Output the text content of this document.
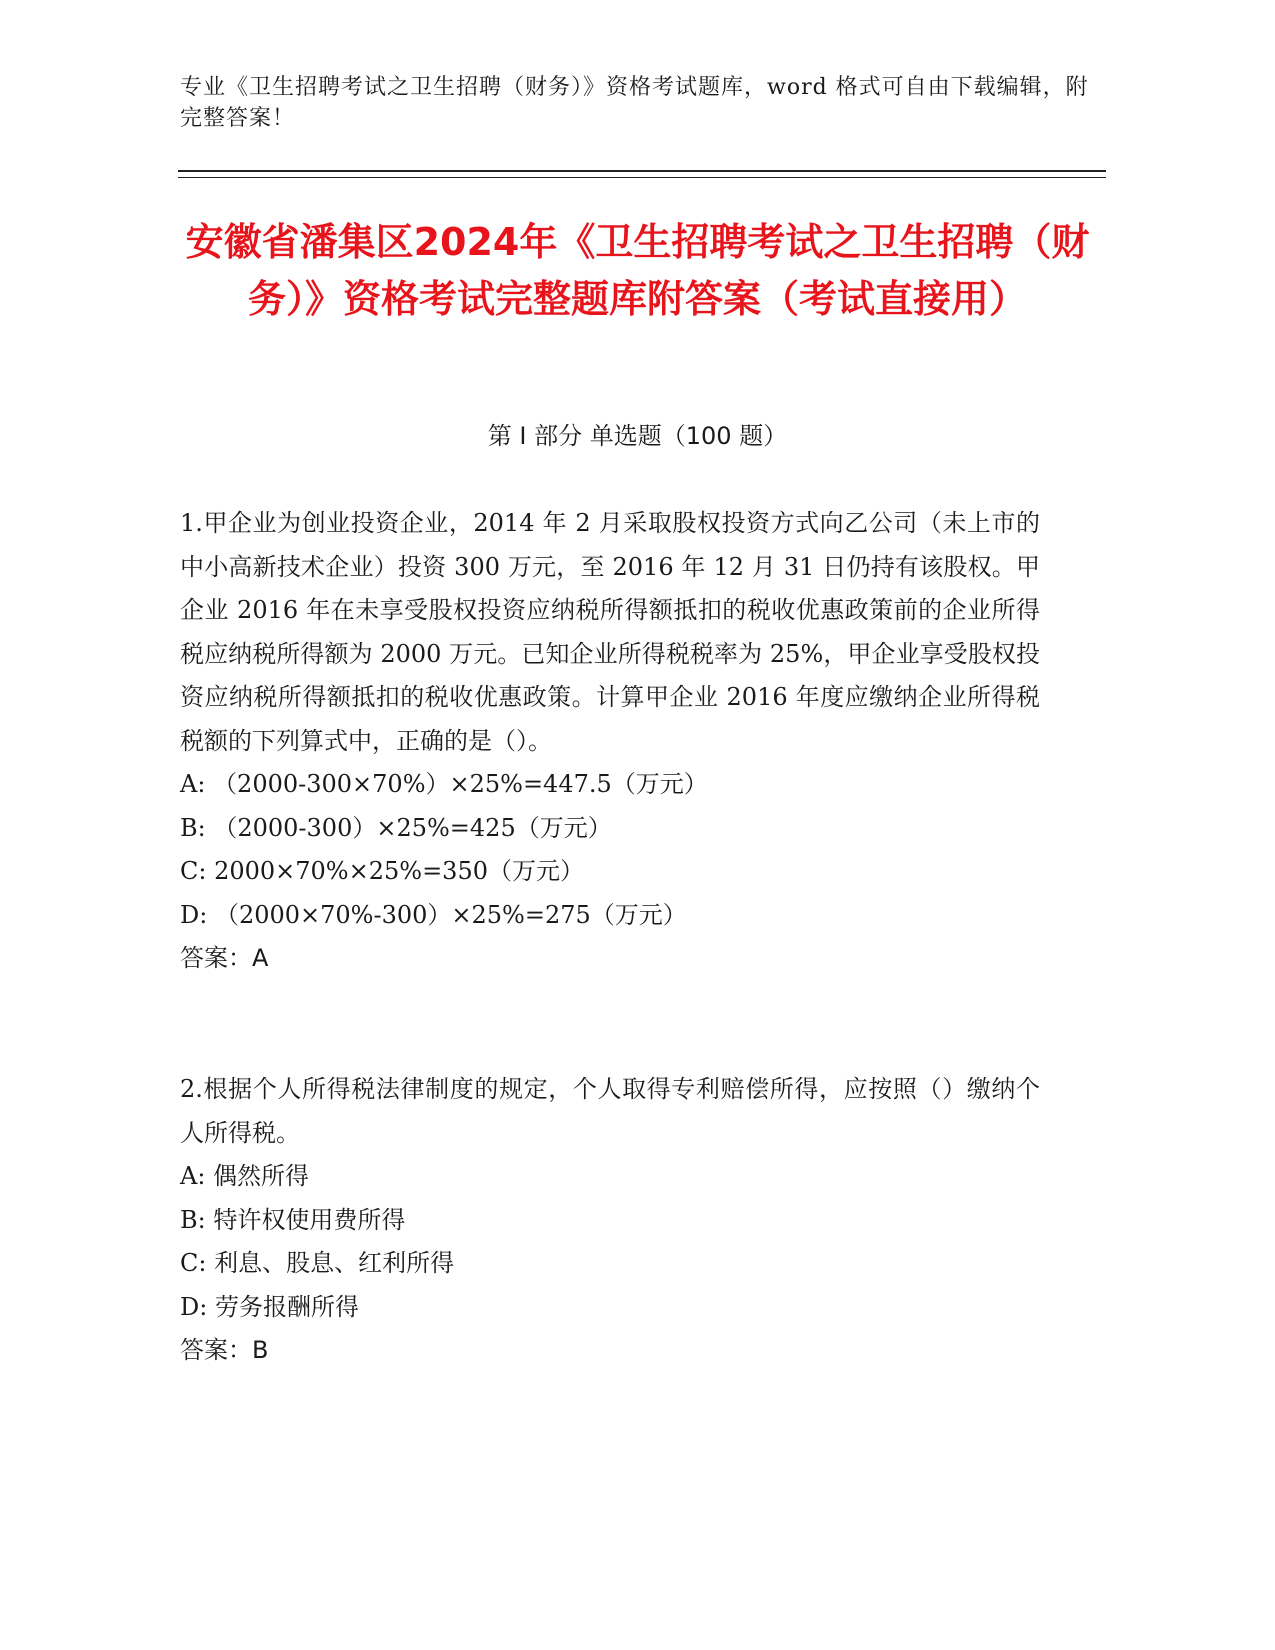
专业《卫生招聘考试之卫生招聘（财务）》资格考试题库，word 格式可自由下载编辑，附完整答案！
安徽省潘集区2024年《卫生招聘考试之卫生招聘（财务）》资格考试完整题库附答案（考试直接用）
第 I 部分 单选题（100 题）

1.甲企业为创业投资企业，2014 年 2 月采取股权投资方式向乙公司（未上市的中小高新技术企业）投资 300 万元，至 2016 年 12 月 31 日仍持有该股权。甲企业 2016 年在未享受股权投资应纳税所得额抵扣的税收优惠政策前的企业所得税应纳税所得额为 2000 万元。已知企业所得税税率为 25%，甲企业享受股权投资应纳税所得额抵扣的税收优惠政策。计算甲企业 2016 年度应缴纳企业所得税税额的下列算式中，正确的是（）。

A: （2000-300×70%）×25%=447.5（万元）

B: （2000-300）×25%=425（万元）

C: 2000×70%×25%=350（万元）

D: （2000×70%-300）×25%=275（万元）

答案：A

2.根据个人所得税法律制度的规定，个人取得专利赔偿所得，应按照（）缴纳个人所得税。

A: 偶然所得

B: 特许权使用费所得

C: 利息、股息、红利所得

D: 劳务报酬所得

答案：B
